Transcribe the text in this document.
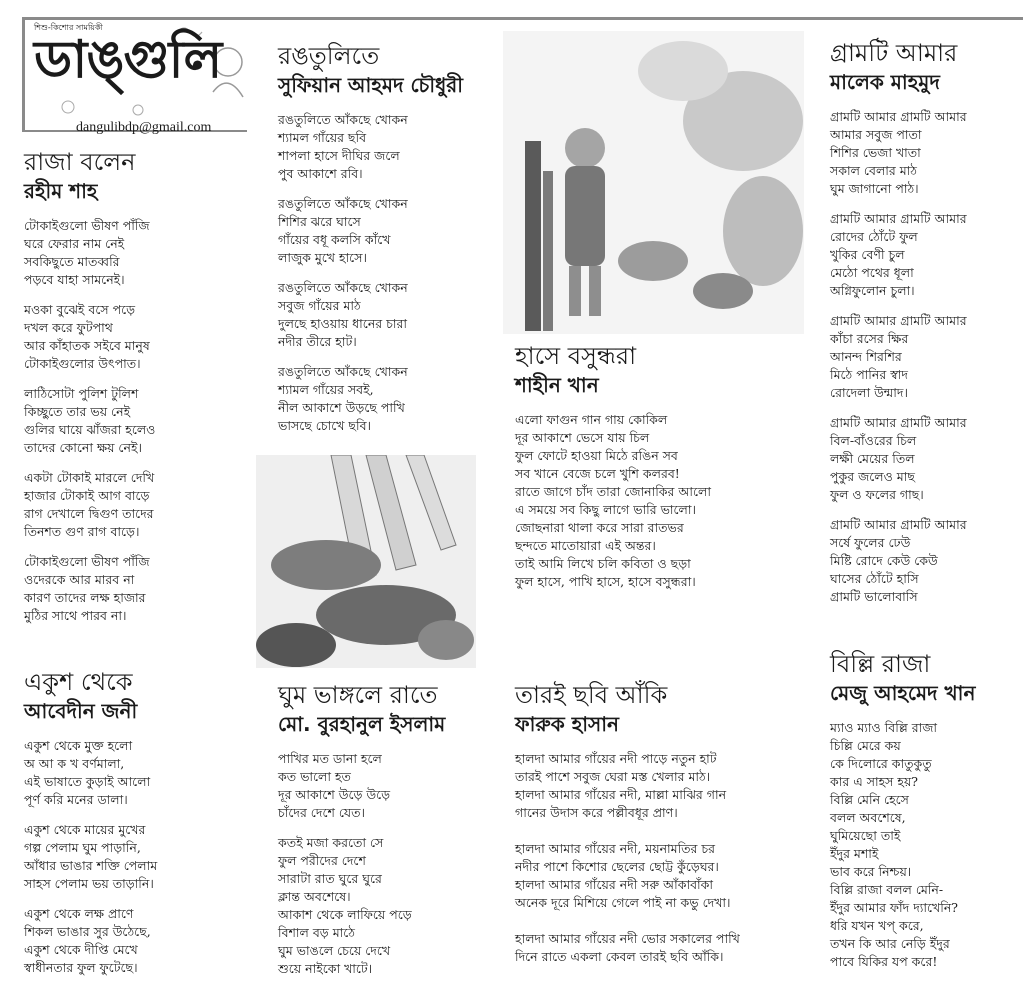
শিশু-কিশোর সাময়িকী
ডাঙ্গুলি
dangulibdp@gmail.com
রাজা বলেন
রহীম শাহ
টোকাইগুলো ভীষণ পাঁজি
ঘরে ফেরার নাম নেই
সবকিছুতে মাতব্বরি
পড়বে যাহা সামনেই।
মওকা বুঝেই বসে পড়ে
দখল করে ফুটপাথ
আর কাঁহাতক সইবে মানুষ
টোকাইগুলোর উৎপাত।
লাঠিসোটা পুলিশ টুলিশ
কিচ্ছুতে তার ভয় নেই
গুলির ঘায়ে ঝাঁজরা হলেও
তাদের কোনো ক্ষয় নেই।
একটা টোকাই মারলে দেখি
হাজার টোকাই আগ বাড়ে
রাগ দেখালে দ্বিগুণ তাদের
তিনশত গুণ রাগ বাড়ে।
টোকাইগুলো ভীষণ পাঁজি
ওদেরকে আর মারব না
কারণ তাদের লক্ষ হাজার
মুঠির সাথে পারব না।
একুশ থেকে
আবেদীন জনী
একুশ থেকে মুক্ত হলো
অ আ ক খ বর্ণমালা,
এই ভাষাতে কুড়াই আলো
পূর্ণ করি মনের ডালা।
একুশ থেকে মায়ের মুখের
গল্প পেলাম ঘুম পাড়ানি,
আঁধার ভাঙার শক্তি পেলাম
সাহস পেলাম ভয় তাড়ানি।
একুশ থেকে লক্ষ প্রাণে
শিকল ভাঙার সুর উঠেছে,
একুশ থেকে দীপ্তি মেখে
স্বাধীনতার ফুল ফুটেছে।
রঙতুলিতে
সুফিয়ান আহমদ চৌধুরী
রঙতুলিতে আঁকছে খোকন
শ্যামল গাঁয়ের ছবি
শাপলা হাসে দীঘির জলে
পুব আকাশে রবি।
রঙতুলিতে আঁকছে খোকন
শিশির ঝরে ঘাসে
গাঁয়ের বধূ কলসি কাঁখে
লাজুক মুখে হাসে।
রঙতুলিতে আঁকছে খোকন
সবুজ গাঁয়ের মাঠ
দুলছে হাওয়ায় ধানের চারা
নদীর তীরে হাট।
রঙতুলিতে আঁকছে খোকন
শ্যামল গাঁয়ের সবই,
নীল আকাশে উড়ছে পাখি
ভাসছে চোখে ছবি।
ঘুম ভাঙ্গলে রাতে
মো. বুরহানুল ইসলাম
পাখির মত ডানা হলে
কত ভালো হত
দূর আকাশে উড়ে উড়ে
চাঁদের দেশে যেত।
কতই মজা করতো সে
ফুল পরীদের দেশে
সারাটা রাত ঘুরে ঘুরে
ক্লান্ত অবশেষে।
আকাশ থেকে লাফিয়ে পড়ে
বিশাল বড় মাঠে
ঘুম ভাঙলে চেয়ে দেখে
শুয়ে নাইকো খাটে।
হাসে বসুন্ধরা
শাহীন খান
এলো ফাগুন গান গায় কোকিল
দূর আকাশে ভেসে যায় চিল
ফুল ফোটে হাওয়া মিঠে রঙিন সব
সব খানে বেজে চলে খুশি কলরব!
রাতে জাগে চাঁদ তারা জোনাকির আলো
এ সময়ে সব কিছু লাগে ভারি ভালো।
জোছনারা থালা করে সারা রাতভর
ছন্দতে মাতোয়ারা এই অন্তর।
তাই আমি লিখে চলি কবিতা ও ছড়া
ফুল হাসে, পাখি হাসে, হাসে বসুন্ধরা।
তারই ছবি আঁকি
ফারুক হাসান
হালদা আমার গাঁয়ের নদী পাড়ে নতুন হাট
তারই পাশে সবুজ ঘেরা মস্ত খেলার মাঠ।
হালদা আমার গাঁয়ের নদী, মাল্লা মাঝির গান
গানের উদাস করে পল্লীবধূর প্রাণ।
হালদা আমার গাঁয়ের নদী, ময়নামতির চর
নদীর পাশে কিশোর ছেলের ছোট্ট কুঁড়েঘর।
হালদা আমার গাঁয়ের নদী সরু আঁকাবাঁকা
অনেক দূরে মিশিয়ে গেলে পাই না কভু দেখা।
হালদা আমার গাঁয়ের নদী ভোর সকালের পাখি
দিনে রাতে একলা কেবল তারই ছবি আঁকি।
গ্রামটি আমার
মালেক মাহমুদ
গ্রামটি আমার গ্রামটি আমার
আমার সবুজ পাতা
শিশির ভেজা খাতা
সকাল বেলার মাঠ
ঘুম জাগানো পাঠ।
গ্রামটি আমার গ্রামটি আমার
রোদের ঠোঁটে ফুল
খুকির বেণী চুল
মেঠো পথের ধূলা
অগ্নিফুলোন চুলা।
গ্রামটি আমার গ্রামটি আমার
কাঁচা রসের ক্ষির
আনন্দ শিরশির
মিঠে পানির স্বাদ
রোদেলা উন্মাদ।
গ্রামটি আমার গ্রামটি আমার
বিল-বাঁওরের চিল
লক্ষী মেয়ের তিল
পুকুর জলেও মাছ
ফুল ও ফলের গাছ।
গ্রামটি আমার গ্রামটি আমার
সর্ষে ফুলের ঢেউ
মিষ্টি রোদে কেউ কেউ
ঘাসের ঠোঁটে হাসি
গ্রামটি ভালোবাসি
বিল্লি রাজা
মেজু আহমেদ খান
ম্যাও ম্যাও বিল্লি রাজা
চিল্লি মেরে কয়
কে দিলোরে কাতুকুতু
কার এ সাহস হয়?
বিল্লি মেনি হেসে
বলল অবশেষে,
ঘুমিয়েছো তাই
ইঁদুর মশাই
ভাব করে নিশ্চয়।
বিল্লি রাজা বলল মেনি-
ইঁদুর আমার ফাঁদ দ্যাখেনি?
ধরি যখন খপ্ করে,
তখন কি আর নেড়ি ইঁদুর
পাবে যিকির যপ করে!
